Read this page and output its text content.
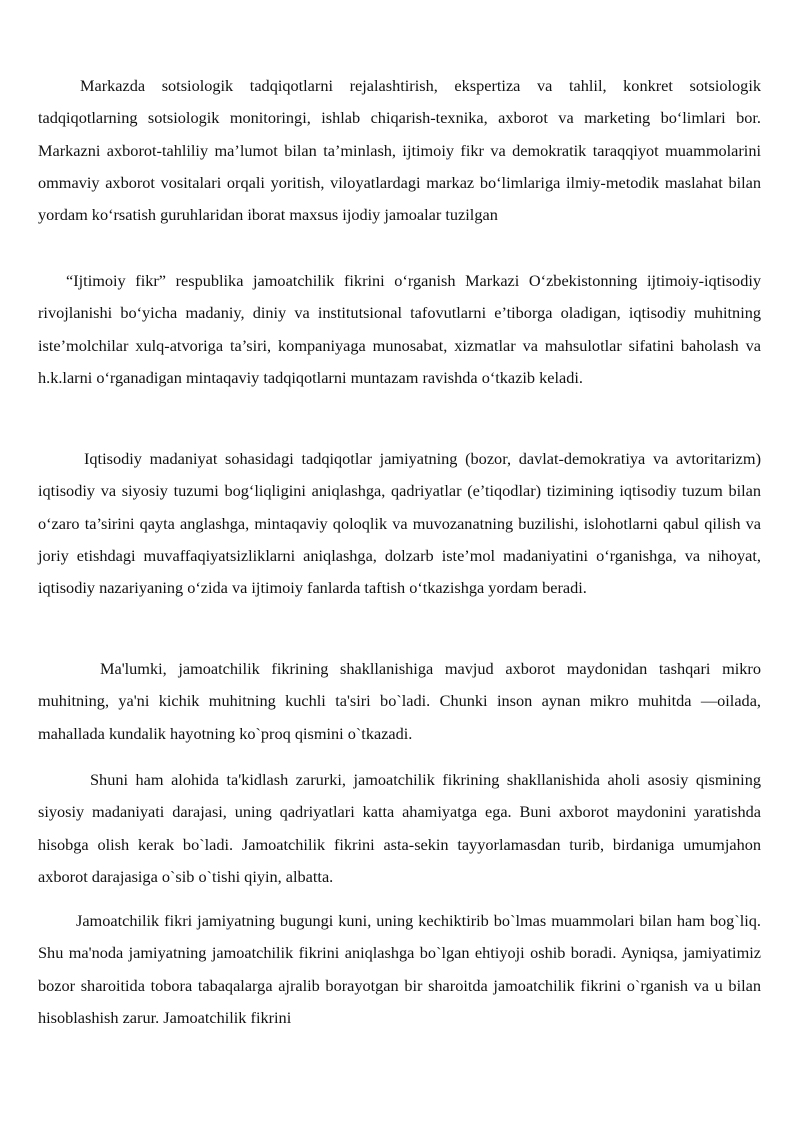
Markazda sotsiologik tadqiqotlarni rejalashtirish, ekspertiza va tahlil, konkret sotsiologik tadqiqotlarning sotsiologik monitoringi, ishlab chiqarish-texnika, axborot va marketing bo‘limlari bor. Markazni axborot-tahliliy ma’lumot bilan ta’minlash, ijtimoiy fikr va demokratik taraqqiyot muammolarini ommaviy axborot vositalari orqali yoritish, viloyatlardagi markaz bo‘limlariga ilmiy-metodik maslahat bilan yordam ko‘rsatish guruhlaridan iborat maxsus ijodiy jamoalar tuzilgan

“Ijtimoiy fikr” respublika jamoatchilik fikrini o‘rganish Markazi O‘zbekistonning ijtimoiy-iqtisodiy rivojlanishi bo‘yicha madaniy, diniy va institutsional tafovutlarni e’tiborga oladigan, iqtisodiy muhitning iste’molchilar xulq-atvoriga ta’siri, kompaniyaga munosabat, xizmatlar va mahsulotlar sifatini baholash va h.k.larni o‘rganadigan mintaqaviy tadqiqotlarni muntazam ravishda o‘tkazib keladi.

Iqtisodiy madaniyat sohasidagi tadqiqotlar jamiyatning (bozor, davlat-demokratiya va avtoritarizm) iqtisodiy va siyosiy tuzumi bog‘liqligini aniqlashga, qadriyatlar (e’tiqodlar) tizimining iqtisodiy tuzum bilan o‘zaro ta’sirini qayta anglashga, mintaqaviy qoloqlik va muvozanatning buzilishi, islohotlarni qabul qilish va joriy etishdagi muvaffaqiyatsizliklarni aniqlashga, dolzarb iste’mol madaniyatini o‘rganishga, va nihoyat, iqtisodiy nazariyaning o‘zida va ijtimoiy fanlarda taftish o‘tkazishga yordam beradi.

Ma'lumki, jamoatchilik fikrining shakllanishiga mavjud axborot maydonidan tashqari mikro muhitning, ya'ni kichik muhitning kuchli ta'siri bo`ladi. Chunki inson aynan mikro muhitda —oilada, mahallada kundalik hayotning ko`proq qismini o`tkazadi.

Shuni ham alohida ta'kidlash zarurki, jamoatchilik fikrining shakllanishida aholi asosiy qismining siyosiy madaniyati darajasi, uning qadriyatlari katta ahamiyatga ega. Buni axborot maydonini yaratishda hisobga olish kerak bo`ladi. Jamoatchilik fikrini asta-sekin tayyorlamasdan turib, birdaniga umumjahon axborot darajasiga o`sib o`tishi qiyin, albatta.

Jamoatchilik fikri jamiyatning bugungi kuni, uning kechiktirib bo`lmas muammolari bilan ham bog`liq. Shu ma'noda jamiyatning jamoatchilik fikrini aniqlashga bo`lgan ehtiyoji oshib boradi. Ayniqsa, jamiyatimiz bozor sharoitida tobora tabaqalarga ajralib borayotgan bir sharoitda jamoatchilik fikrini o`rganish va u bilan hisoblashish zarur. Jamoatchilik fikrini
